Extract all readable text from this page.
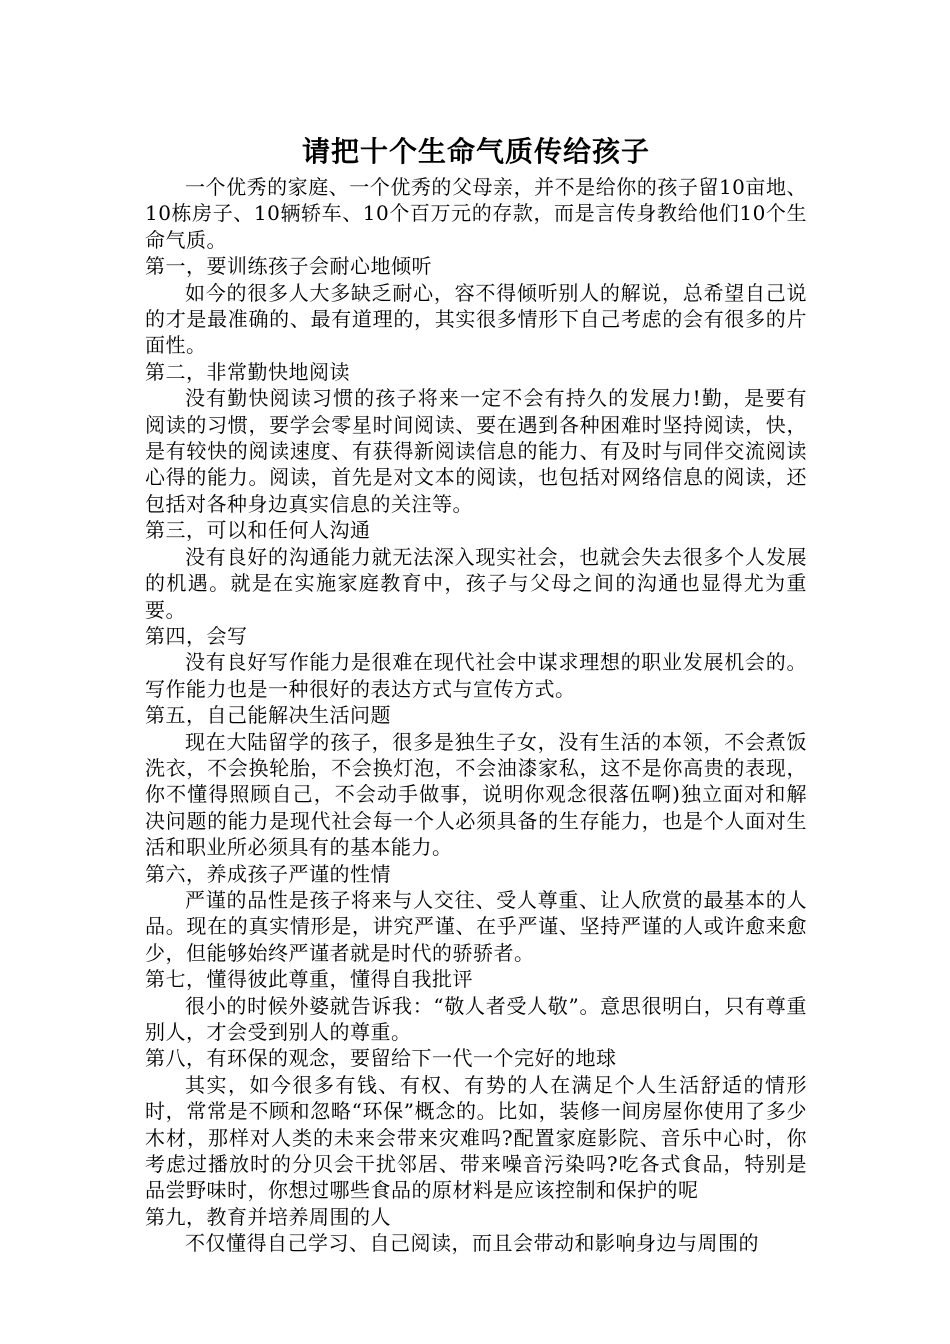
请把十个生命气质传给孩子

一个优秀的家庭、一个优秀的父母亲，并不是给你的孩子留10亩地、10栋房子、10辆轿车、10个百万元的存款，而是言传身教给他们10个生命气质。

第一，要训练孩子会耐心地倾听

如今的很多人大多缺乏耐心，容不得倾听别人的解说，总希望自己说的才是最准确的、最有道理的，其实很多情形下自己考虑的会有很多的片面性。

第二，非常勤快地阅读

没有勤快阅读习惯的孩子将来一定不会有持久的发展力!勤，是要有阅读的习惯，要学会零星时间阅读、要在遇到各种困难时坚持阅读，快，是有较快的阅读速度、有获得新阅读信息的能力、有及时与同伴交流阅读心得的能力。阅读，首先是对文本的阅读，也包括对网络信息的阅读，还包括对各种身边真实信息的关注等。

第三，可以和任何人沟通

没有良好的沟通能力就无法深入现实社会，也就会失去很多个人发展的机遇。就是在实施家庭教育中，孩子与父母之间的沟通也显得尤为重要。

第四，会写

没有良好写作能力是很难在现代社会中谋求理想的职业发展机会的。写作能力也是一种很好的表达方式与宣传方式。

第五，自己能解决生活问题

现在大陆留学的孩子，很多是独生子女，没有生活的本领，不会煮饭洗衣，不会换轮胎，不会换灯泡，不会油漆家私，这不是你高贵的表现，你不懂得照顾自己，不会动手做事，说明你观念很落伍啊)独立面对和解决问题的能力是现代社会每一个人必须具备的生存能力，也是个人面对生活和职业所必须具有的基本能力。

第六，养成孩子严谨的性情

严谨的品性是孩子将来与人交往、受人尊重、让人欣赏的最基本的人品。现在的真实情形是，讲究严谨、在乎严谨、坚持严谨的人或许愈来愈少，但能够始终严谨者就是时代的骄骄者。

第七，懂得彼此尊重，懂得自我批评

很小的时候外婆就告诉我：“敬人者受人敬”。意思很明白，只有尊重别人，才会受到别人的尊重。

第八，有环保的观念，要留给下一代一个完好的地球

其实，如今很多有钱、有权、有势的人在满足个人生活舒适的情形时，常常是不顾和忽略“环保”概念的。比如，装修一间房屋你使用了多少木材，那样对人类的未来会带来灾难吗?配置家庭影院、音乐中心时，你考虑过播放时的分贝会干扰邻居、带来噪音污染吗?吃各式食品，特别是品尝野味时，你想过哪些食品的原材料是应该控制和保护的呢

第九，教育并培养周围的人

不仅懂得自己学习、自己阅读，而且会带动和影响身边与周围的
